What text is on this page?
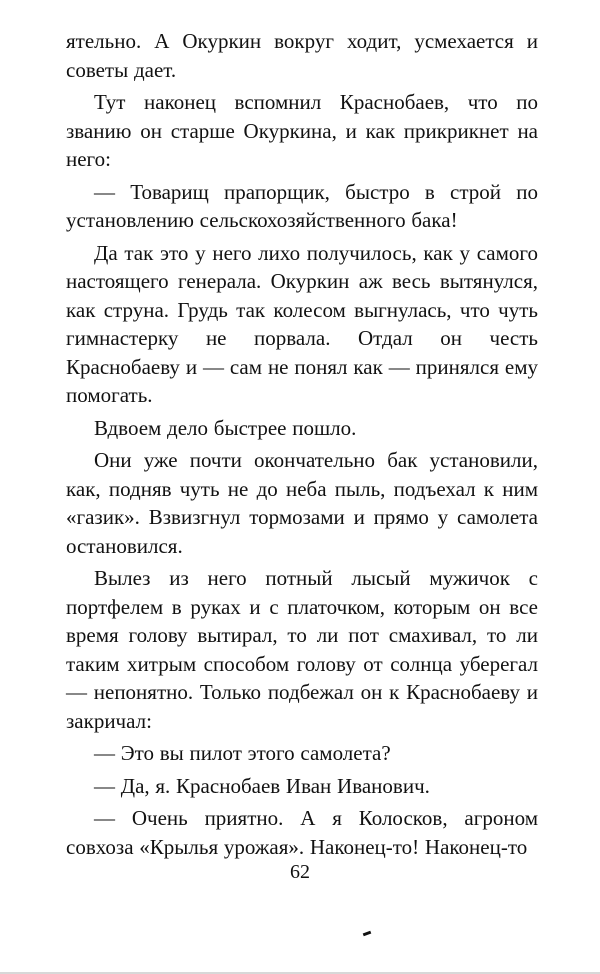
ятельно. А Окуркин вокруг ходит, усмехается и советы дает.

Тут наконец вспомнил Краснобаев, что по званию он старше Окуркина, и как прикрикнет на него:

— Товарищ прапорщик, быстро в строй по установлению сельскохозяйственного бака!

Да так это у него лихо получилось, как у самого настоящего генерала. Окуркин аж весь вытянулся, как струна. Грудь так колесом выгнулась, что чуть гимнастерку не порвала. Отдал он честь Краснобаеву и — сам не понял как — принялся ему помогать.

Вдвоем дело быстрее пошло.

Они уже почти окончательно бак установили, как, подняв чуть не до неба пыль, подъехал к ним «газик». Взвизгнул тормозами и прямо у самолета остановился.

Вылез из него потный лысый мужичок с портфелем в руках и с платочком, которым он все время голову вытирал, то ли пот смахивал, то ли таким хитрым способом голову от солнца уберегал — непонятно. Только подбежал он к Краснобаеву и закричал:

— Это вы пилот этого самолета?

— Да, я. Краснобаев Иван Иванович.

— Очень приятно. А я Колосков, агроном совхоза «Крылья урожая». Наконец-то! Наконец-то

62
